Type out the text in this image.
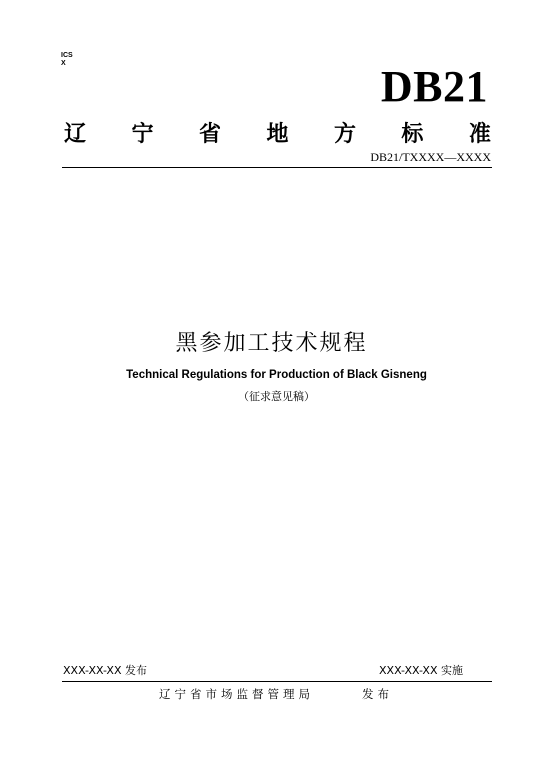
ICS
X	DB21
辽 宁 省 地 方 标 准
DB21/TXXXX—XXXX
黑参加工技术规程
Technical Regulations for Production of Black Gisneng
（征求意见稿）
XXX-XX-XX 发布	XXX-XX-XX 实施
辽宁省市场监督管理局	发布
